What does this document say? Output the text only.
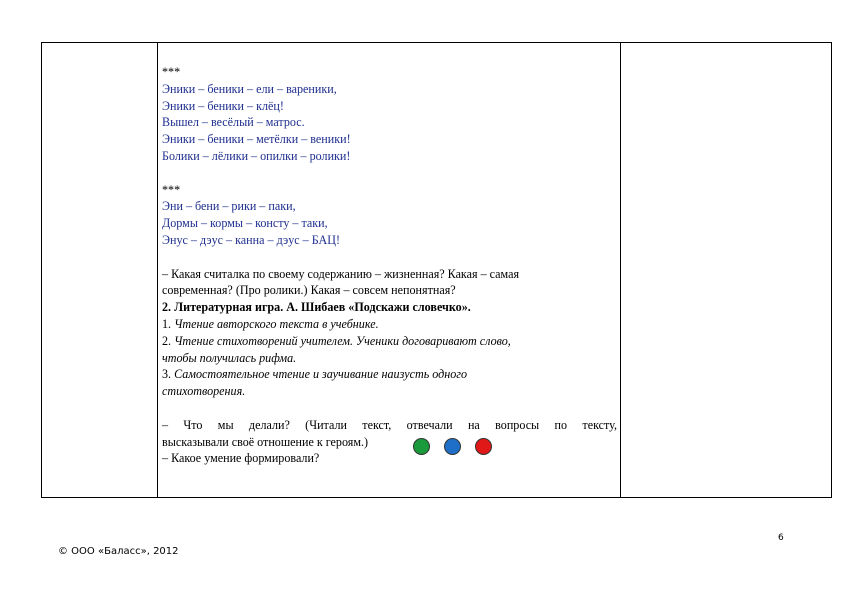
***
Эники – беники – ели – вареники,
Эники – беники – клёц!
Вышел – весёлый – матрос.
Эники – беники – метёлки – веники!
Болики – лёлики – опилки – ролики!
***
Эни – бени – рики – паки,
Дормы – кормы – консту – таки,
Энус – дэус – канна – дэус – БАЦ!
– Какая считалка по своему содержанию – жизненная? Какая – самая
современная? (Про ролики.) Какая – совсем непонятная?
2. Литературная игра. А. Шибаев «Подскажи словечко».
1. Чтение авторского текста в учебнике.
2. Чтение стихотворений учителем. Ученики договаривают слово,
чтобы получилась рифма.
3. Самостоятельное чтение и заучивание наизусть одного
стихотворения.
– Что мы делали? (Читали текст, отвечали на вопросы по тексту,
высказывали своё отношение к героям.)
– Какое умение формировали?
6
© ООО «Баласс», 2012
